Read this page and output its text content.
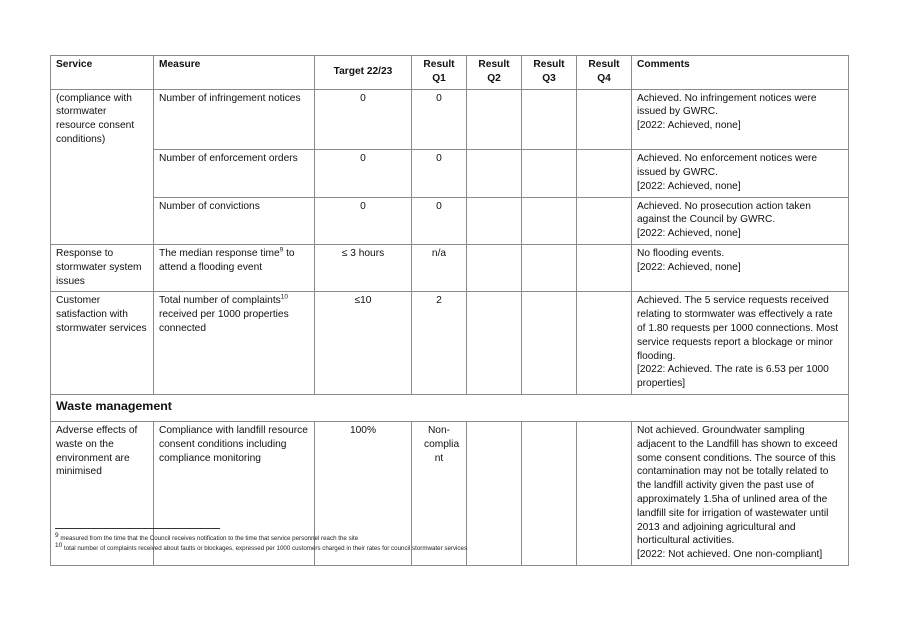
Service	Measure	Target 22/23	Result Q1	Result Q2	Result Q3	Result Q4	Comments
(compliance with stormwater resource consent conditions)	Number of infringement notices	0	0				Achieved. No infringement notices were issued by GWRC.
[2022: Achieved, none]
	Number of enforcement orders	0	0				Achieved. No enforcement notices were issued by GWRC.
[2022: Achieved, none]
	Number of convictions	0	0				Achieved. No prosecution action taken against the Council by GWRC.
[2022: Achieved, none]
Response to stormwater system issues	The median response time$^9$ to attend a flooding event	≤ 3 hours	n/a				No flooding events.
[2022: Achieved, none]
Customer satisfaction with stormwater services	Total number of complaints$^{10}$ received per 1000 properties connected	≤10	2				Achieved. The 5 service requests received relating to stormwater was effectively a rate of 1.80 requests per 1000 connections. Most service requests report a blockage or minor flooding.
[2022: Achieved. The rate is 6.53 per 1000 properties]
Waste management							
Adverse effects of waste on the environment are minimised	Compliance with landfill resource consent conditions including compliance monitoring	100%	Non-complia nt				Not achieved. Groundwater sampling adjacent to the Landfill has shown to exceed some consent conditions. The source of this contamination may not be totally related to the landfill activity given the past use of approximately 1.5ha of unlined area of the landfill site for irrigation of wastewater until 2013 and adjoining agricultural and horticultural activities.
[2022: Not achieved. One non-compliant]
$^9$ measured from the time that the Council receives notification to the time that service personnel reach the site
$^{10}$ total number of complaints received about faults or blockages, expressed per 1000 customers charged in their rates for council stormwater services
